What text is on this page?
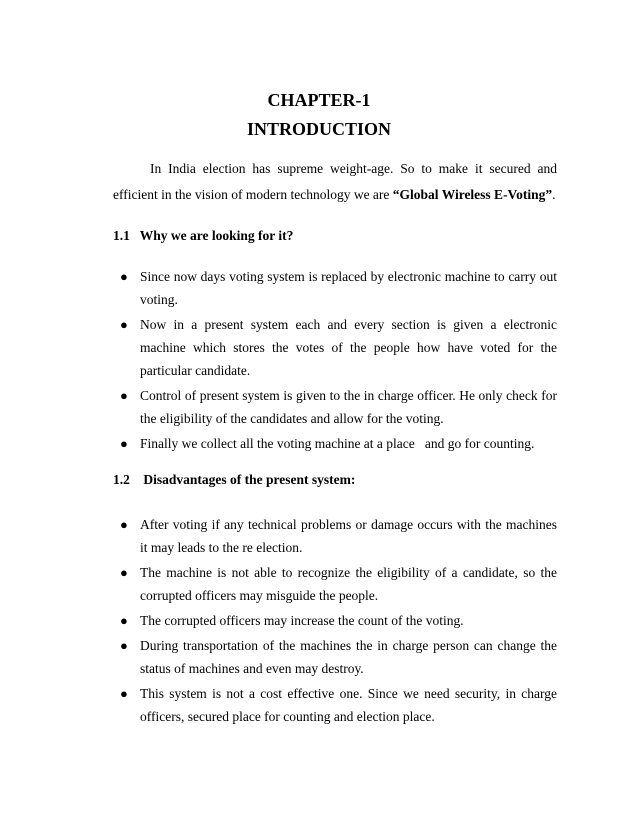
CHAPTER-1
INTRODUCTION

In India election has supreme weight-age. So to make it secured and efficient in the vision of modern technology we are “Global Wireless E-Voting”.

1.1   Why we are looking for it?
● Since now days voting system is replaced by electronic machine to carry out voting.
● Now in a present system each and every section is given a electronic machine which stores the votes of the people how have voted for the particular candidate.
● Control of present system is given to the in charge officer. He only check for the eligibility of the candidates and allow for the voting.
● Finally we collect all the voting machine at a place   and go for counting.
1.2    Disadvantages of the present system:
● After voting if any technical problems or damage occurs with the machines it may leads to the re election.
● The machine is not able to recognize the eligibility of a candidate, so the corrupted officers may misguide the people.
● The corrupted officers may increase the count of the voting.
● During transportation of the machines the in charge person can change the status of machines and even may destroy.
● This system is not a cost effective one. Since we need security, in charge officers, secured place for counting and election place.
